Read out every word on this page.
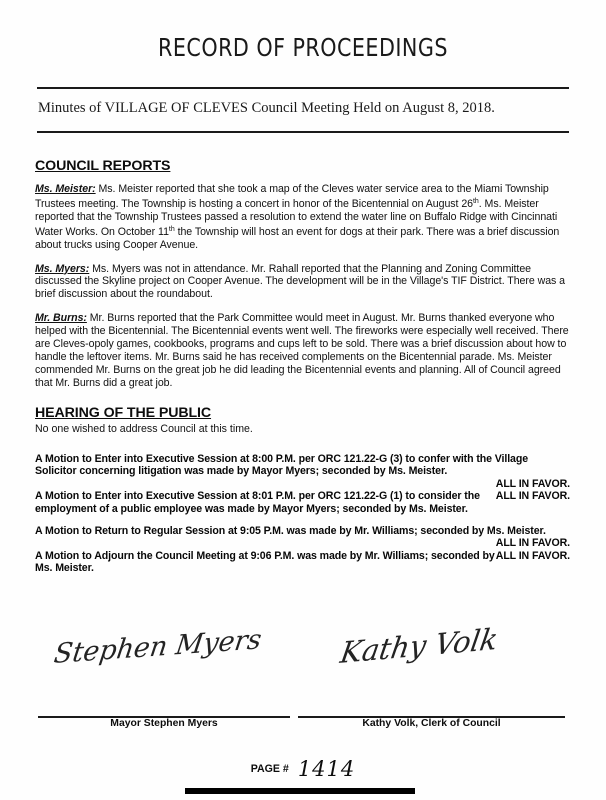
RECORD OF PROCEEDINGS
Minutes of VILLAGE OF CLEVES Council Meeting Held on August 8, 2018.
COUNCIL REPORTS

Ms. Meister: Ms. Meister reported that she took a map of the Cleves water service area to the Miami Township Trustees meeting. The Township is hosting a concert in honor of the Bicentennial on August 26th. Ms. Meister reported that the Township Trustees passed a resolution to extend the water line on Buffalo Ridge with Cincinnati Water Works. On October 11th the Township will host an event for dogs at their park. There was a brief discussion about trucks using Cooper Avenue.

Ms. Myers: Ms. Myers was not in attendance. Mr. Rahall reported that the Planning and Zoning Committee discussed the Skyline project on Cooper Avenue. The development will be in the Village's TIF District. There was a brief discussion about the roundabout.

Mr. Burns: Mr. Burns reported that the Park Committee would meet in August. Mr. Burns thanked everyone who helped with the Bicentennial. The Bicentennial events went well. The fireworks were especially well received. There are Cleves-opoly games, cookbooks, programs and cups left to be sold. There was a brief discussion about how to handle the leftover items. Mr. Burns said he has received complements on the Bicentennial parade. Ms. Meister commended Mr. Burns on the great job he did leading the Bicentennial events and planning. All of Council agreed that Mr. Burns did a great job.

HEARING OF THE PUBLIC

No one wished to address Council at this time.

A Motion to Enter into Executive Session at 8:00 P.M. per ORC 121.22-G (3) to confer with the Village Solicitor concerning litigation was made by Mayor Myers; seconded by Ms. Meister.
ALL IN FAVOR.
ALL IN FAVOR.
A Motion to Enter into Executive Session at 8:01 P.M. per ORC 121.22-G (1) to consider the employment of a public employee was made by Mayor Myers; seconded by Ms. Meister.
A Motion to Return to Regular Session at 9:05 P.M. was made by Mr. Williams; seconded by Ms. Meister.
ALL IN FAVOR.
ALL IN FAVOR.
A Motion to Adjourn the Council Meeting at 9:06 P.M. was made by Mr. Williams; seconded by Ms. Meister.
Stephen Myers
Mayor Stephen Myers
Kathy Volk
Kathy Volk, Clerk of Council
PAGE # 1414
